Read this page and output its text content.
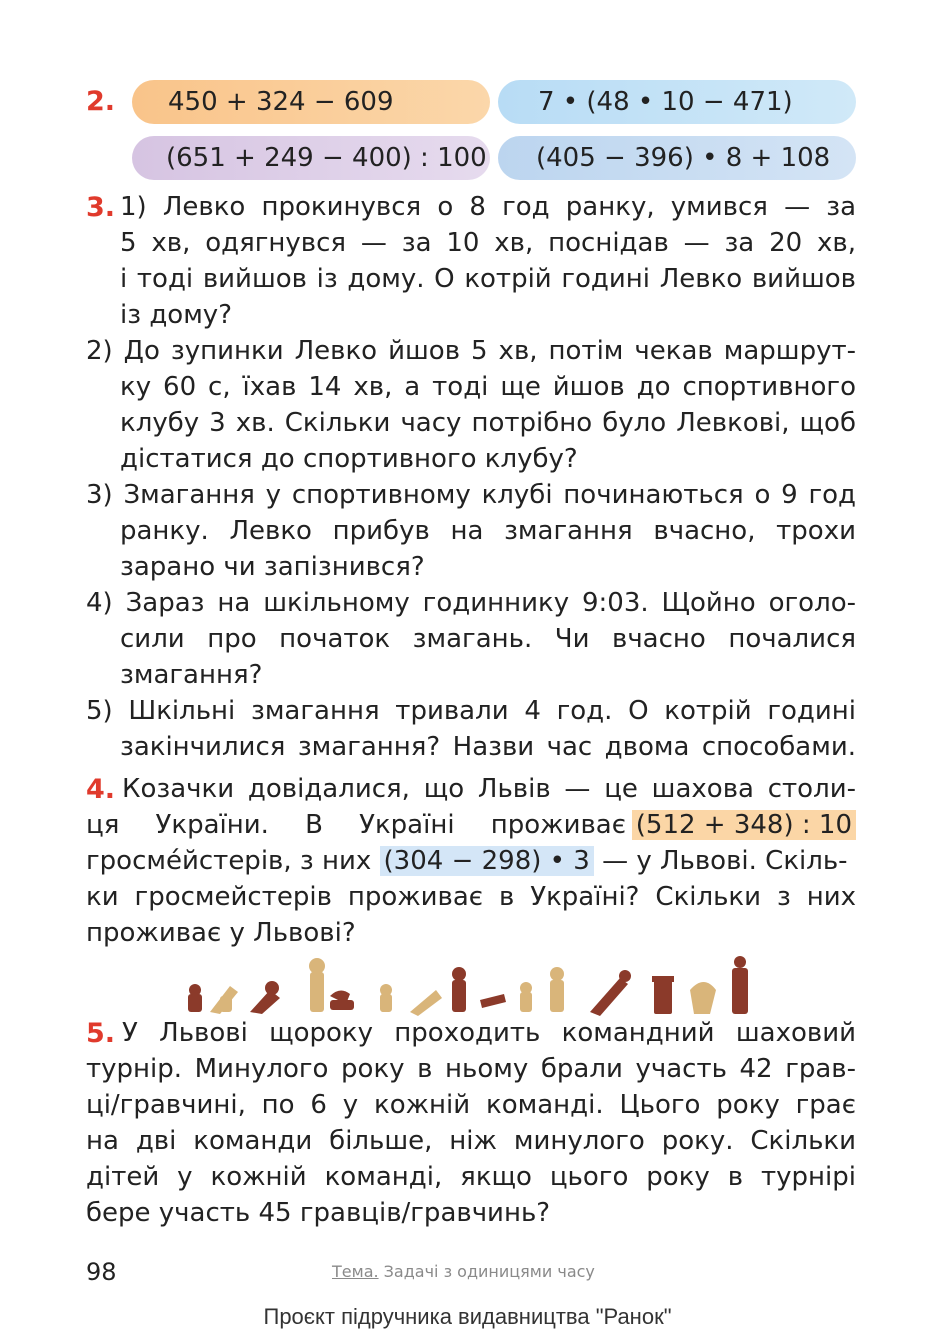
2.	450 + 324 − 609	7 • (48 • 10 − 471)
(651 + 249 − 400) : 100	(405 − 396) • 8 + 108
3. 1) Левко прокинувся о 8 год ранку, умився — за
5 хв, одягнувся — за 10 хв, поснідав — за 20 хв,
і тоді вийшов із дому. О котрій годині Левко вийшов
із дому?
2) До зупинки Левко йшов 5 хв, потім чекав маршрут-
ку 60 с, їхав 14 хв, а тоді ще йшов до спортивного
клубу 3 хв. Скільки часу потрібно було Левкові, щоб
дістатися до спортивного клубу?
3) Змагання у спортивному клубі починаються о 9 год
ранку. Левко прибув на змагання вчасно, трохи
зарано чи запізнився?
4) Зараз на шкільному годиннику 9:03. Щойно оголо-
сили про початок змагань. Чи вчасно почалися
змагання?
5) Шкільні змагання тривали 4 год. О котрій годині
закінчилися змагання? Назви час двома способами.
4. Козачки довідалися, що Львів — це шахова столи-
ця України. В Україні проживає (512 + 348) : 10
гросме́йстерів, з них (304 − 298) • 3 — у Львові. Скіль-
ки гросмейстерів проживає в Україні? Скільки з них
проживає у Львові?
5. У Львові щороку проходить командний шаховий
турнір. Минулого року в ньому брали участь 42 грав-
ці/гравчині, по 6 у кожній команді. Цього року грає
на дві команди більше, ніж минулого року. Скільки
дітей у кожній команді, якщо цього року в турнірі
бере участь 45 гравців/гравчинь?
98	Тема. Задачі з одиницями часу
Проєкт підручника видавництва "Ранок"
